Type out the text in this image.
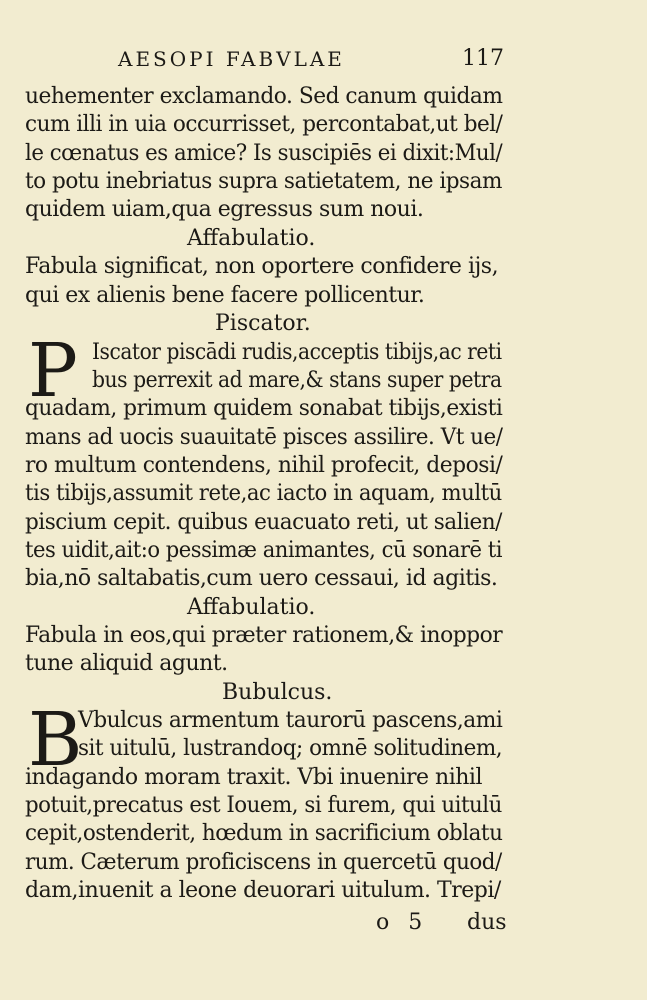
AESOPI FABVLAE	117
uehementer exclamando. Sed canum quidam
cum illi in uia occurrisset, percontabat,ut bel/
le cœnatus es amice? Is suscipiēs ei dixit:Mul/
to potu inebriatus supra satietatem, ne ipsam
quidem uiam,qua egressus sum noui.
Affabulatio.
Fabula significat, non oportere confidere ijs,
qui ex alienis bene facere pollicentur.
Piscator.
P Iscator piscādi rudis,acceptis tibijs,ac reti
bus perrexit ad mare,& stans super petra
quadam, primum quidem sonabat tibijs,existi
mans ad uocis suauitatē pisces assilire. Vt ue/
ro multum contendens, nihil profecit, deposi/
tis tibijs,assumit rete,ac iacto in aquam, multū
piscium cepit. quibus euacuato reti, ut salien/
tes uidit,ait:o pessimæ animantes, cū sonarē ti
bia,nō saltabatis,cum uero cessaui, id agitis.
Affabulatio.
Fabula in eos,qui præter rationem,& inoppor
tune aliquid agunt.
Bubulcus.
B
Vbulcus armentum taurorū pascens,ami
sit uitulū, lustrandoq; omnē solitudinem,
indagando moram traxit. Vbi inuenire nihil
potuit,precatus est Iouem, si furem, qui uitulū
cepit,ostenderit, hœdum in sacrificium oblatu
rum. Cæterum proficiscens in quercetū quod/
dam,inuenit a leone deuorari uitulum. Trepi/
o 5 dus
